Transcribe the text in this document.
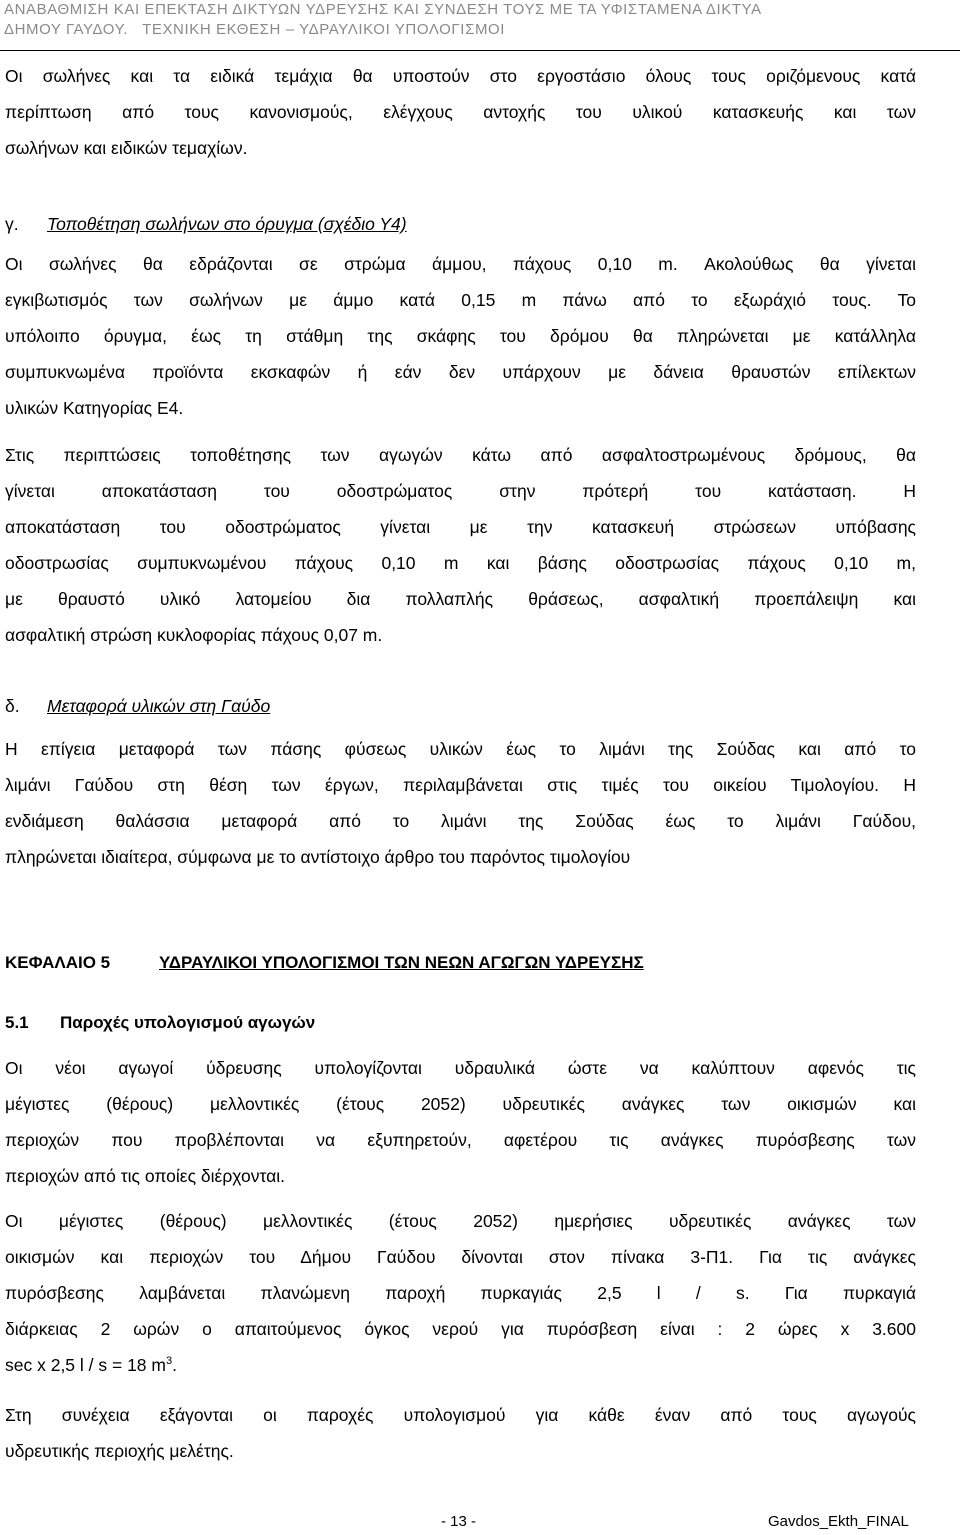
ΑΝΑΒΑΘΜΙΣΗ ΚΑΙ ΕΠΕΚΤΑΣΗ ΔΙΚΤΥΩΝ ΥΔΡΕΥΣΗΣ ΚΑΙ ΣΥΝΔΕΣΗ ΤΟΥΣ ΜΕ ΤΑ ΥΦΙΣΤΑΜΕΝΑ ΔΙΚΤΥΑ
ΔΗΜΟΥ ΓΑΥΔΟΥ.   ΤΕΧΝΙΚΗ ΕΚΘΕΣΗ – ΥΔΡΑΥΛΙΚΟΙ ΥΠΟΛΟΓΙΣΜΟΙ
Οι σωλήνες και τα ειδικά τεμάχια θα υποστούν στο εργοστάσιο όλους τους οριζόμενους κατά
περίπτωση από τους κανονισμούς, ελέγχους αντοχής του υλικού κατασκευής και των
σωλήνων και ειδικών τεμαχίων.
γ. Τοποθέτηση σωλήνων στο όρυγμα (σχέδιο Υ4)
Οι σωλήνες θα εδράζονται σε στρώμα άμμου, πάχους 0,10 m. Ακολούθως θα γίνεται
εγκιβωτισμός των σωλήνων με άμμο κατά 0,15 m πάνω από το εξωράχιό τους. Το
υπόλοιπο όρυγμα, έως τη στάθμη της σκάφης του δρόμου θα πληρώνεται με κατάλληλα
συμπυκνωμένα προϊόντα εκσκαφών ή εάν δεν υπάρχουν με δάνεια θραυστών επίλεκτων
υλικών Κατηγορίας Ε4.
Στις περιπτώσεις τοποθέτησης των αγωγών κάτω από ασφαλτοστρωμένους δρόμους, θα
γίνεται αποκατάσταση του οδοστρώματος στην πρότερή του κατάσταση. Η
αποκατάσταση του οδοστρώματος γίνεται με την κατασκευή στρώσεων υπόβασης
οδοστρωσίας συμπυκνωμένου πάχους 0,10 m και βάσης οδοστρωσίας πάχους 0,10 m,
με θραυστό υλικό λατομείου δια πολλαπλής θράσεως, ασφαλτική προεπάλειψη και
ασφαλτική στρώση κυκλοφορίας πάχους 0,07 m.
δ. Μεταφορά υλικών στη Γαύδο
Η επίγεια μεταφορά των πάσης φύσεως υλικών έως το λιμάνι της Σούδας και από το
λιμάνι Γαύδου στη θέση των έργων, περιλαμβάνεται στις τιμές του οικείου Τιμολογίου. Η
ενδιάμεση θαλάσσια μεταφορά από το λιμάνι της Σούδας έως το λιμάνι Γαύδου,
πληρώνεται ιδιαίτερα, σύμφωνα με το αντίστοιχο άρθρο του παρόντος τιμολογίου
ΚΕΦΑΛΑΙΟ 5	ΥΔΡΑΥΛΙΚΟΙ ΥΠΟΛΟΓΙΣΜΟΙ ΤΩΝ ΝΕΩΝ ΑΓΩΓΩΝ ΥΔΡΕΥΣΗΣ
5.1 Παροχές υπολογισμού αγωγών
Οι νέοι αγωγοί ύδρευσης υπολογίζονται υδραυλικά ώστε να καλύπτουν αφενός τις
μέγιστες (θέρους) μελλοντικές (έτους 2052) υδρευτικές ανάγκες των οικισμών και
περιοχών που προβλέπονται να εξυπηρετούν, αφετέρου τις ανάγκες πυρόσβεσης των
περιοχών από τις οποίες διέρχονται.
Οι μέγιστες (θέρους) μελλοντικές (έτους 2052) ημερήσιες υδρευτικές ανάγκες των
οικισμών και περιοχών του Δήμου Γαύδου δίνονται στον πίνακα 3-Π1. Για τις ανάγκες
πυρόσβεσης λαμβάνεται πλανώμενη παροχή πυρκαγιάς 2,5 l / s. Για πυρκαγιά
διάρκειας 2 ωρών ο απαιτούμενος όγκος νερού για πυρόσβεση είναι : 2 ώρες x 3.600
sec x 2,5 l / s = 18 $m^3$.
Στη συνέχεια εξάγονται οι παροχές υπολογισμού για κάθε έναν από τους αγωγούς
υδρευτικής περιοχής μελέτης.
- 13 -	Gavdos_Ekth_FINAL
